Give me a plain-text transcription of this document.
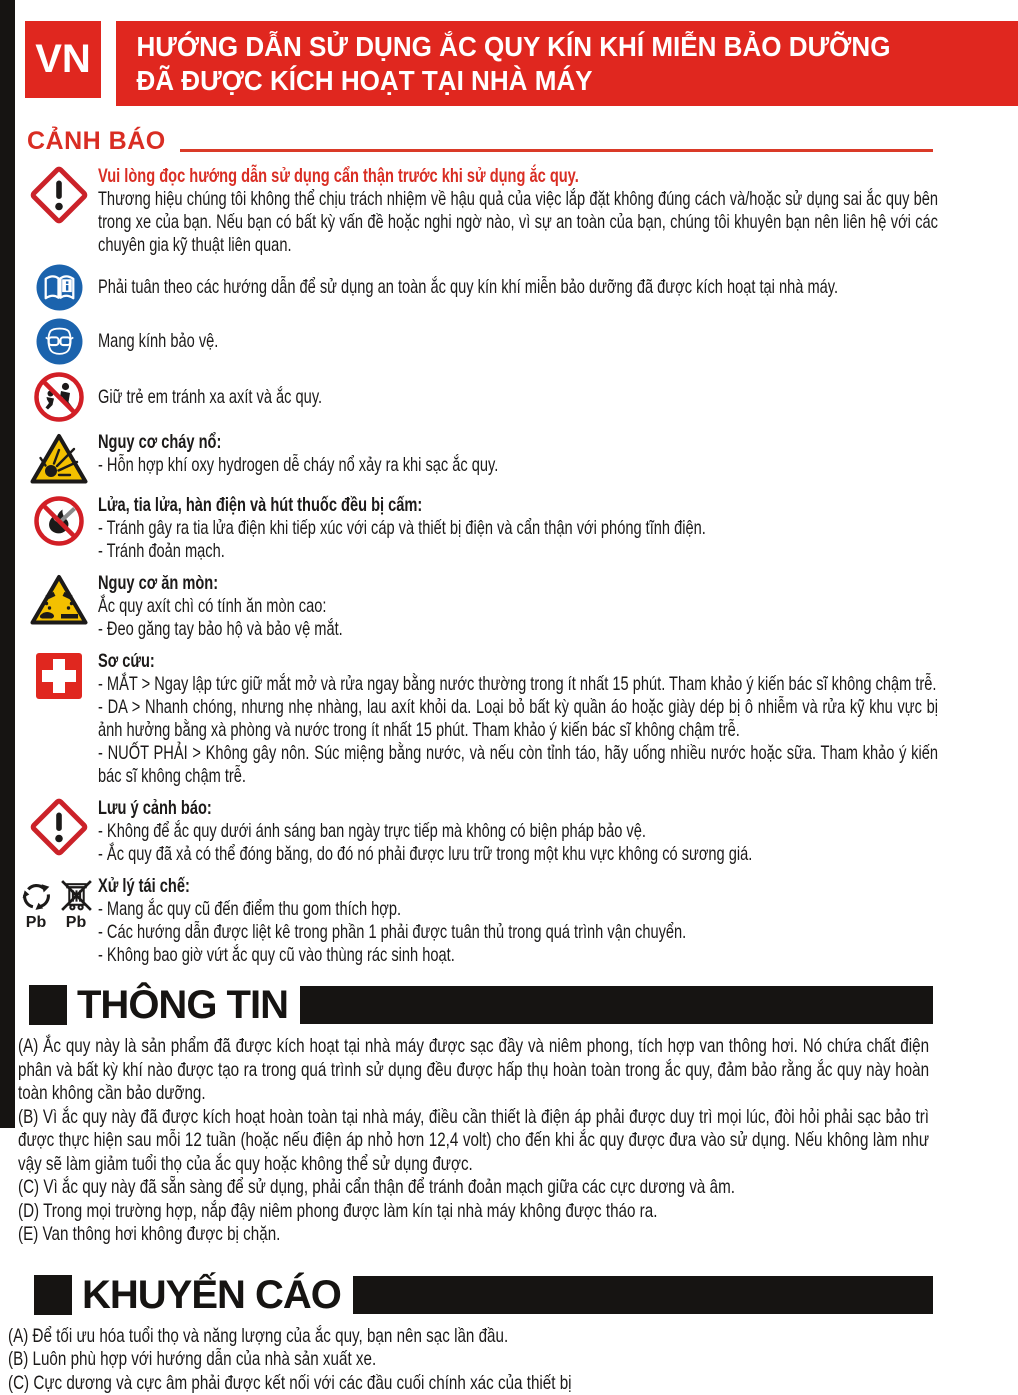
VN	HƯỚNG DẪN SỬ DỤNG ẮC QUY KÍN KHÍ MIỄN BẢO DƯỠNG
ĐÃ ĐƯỢC KÍCH HOẠT TẠI NHÀ MÁY
CẢNH BÁO

Vui lòng đọc hướng dẫn sử dụng cẩn thận trước khi sử dụng ắc quy.

Thương hiệu chúng tôi không thể chịu trách nhiệm về hậu quả của việc lắp đặt không đúng cách và/hoặc sử dụng sai ắc quy bên trong xe của bạn. Nếu bạn có bất kỳ vấn đề hoặc nghi ngờ nào, vì sự an toàn của bạn, chúng tôi khuyên bạn nên liên hệ với các chuyên gia kỹ thuật liên quan.

Phải tuân theo các hướng dẫn để sử dụng an toàn ắc quy kín khí miễn bảo dưỡng đã được kích hoạt tại nhà máy.

Mang kính bảo vệ.

Giữ trẻ em tránh xa axít và ắc quy.

Nguy cơ cháy nổ:

- Hỗn hợp khí oxy hydrogen dễ cháy nổ xảy ra khi sạc ắc quy.

Lửa, tia lửa, hàn điện và hút thuốc đều bị cấm:

- Tránh gây ra tia lửa điện khi tiếp xúc với cáp và thiết bị điện và cẩn thận với phóng tĩnh điện.

- Tránh đoản mạch.

Nguy cơ ăn mòn:

Ắc quy axít chì có tính ăn mòn cao:

- Đeo găng tay bảo hộ và bảo vệ mắt.

Sơ cứu:

- MẮT > Ngay lập tức giữ mắt mở và rửa ngay bằng nước thường trong ít nhất 15 phút. Tham khảo ý kiến bác sĩ không chậm trễ.

- DA > Nhanh chóng, nhưng nhẹ nhàng, lau axít khỏi da. Loại bỏ bất kỳ quần áo hoặc giày dép bị ô nhiễm và rửa kỹ khu vực bị ảnh hưởng bằng xà phòng và nước trong ít nhất 15 phút. Tham khảo ý kiến bác sĩ không chậm trễ.

- NUỐT PHẢI > Không gây nôn. Súc miệng bằng nước, và nếu còn tỉnh táo, hãy uống nhiều nước hoặc sữa. Tham khảo ý kiến bác sĩ không chậm trễ.

Lưu ý cảnh báo:

- Không để ắc quy dưới ánh sáng ban ngày trực tiếp mà không có biện pháp bảo vệ.

- Ắc quy đã xả có thể đóng băng, do đó nó phải được lưu trữ trong một khu vực không có sương giá.

Pb Pb

Xử lý tái chế:

- Mang ắc quy cũ đến điểm thu gom thích hợp.

- Các hướng dẫn được liệt kê trong phần 1 phải được tuân thủ trong quá trình vận chuyển.

- Không bao giờ vứt ắc quy cũ vào thùng rác sinh hoạt.

THÔNG TIN

(A) Ắc quy này là sản phẩm đã được kích hoạt tại nhà máy được sạc đầy và niêm phong, tích hợp van thông hơi. Nó chứa chất điện phân và bất kỳ khí nào được tạo ra trong quá trình sử dụng đều được hấp thụ hoàn toàn trong ắc quy, đảm bảo rằng ắc quy này hoàn toàn không cần bảo dưỡng.

(B) Vì ắc quy này đã được kích hoạt hoàn toàn tại nhà máy, điều cần thiết là điện áp phải được duy trì mọi lúc, đòi hỏi phải sạc bảo trì được thực hiện sau mỗi 12 tuần (hoặc nếu điện áp nhỏ hơn 12,4 volt) cho đến khi ắc quy được đưa vào sử dụng. Nếu không làm như vậy sẽ làm giảm tuổi thọ của ắc quy hoặc không thể sử dụng được.

(C) Vì ắc quy này đã sẵn sàng để sử dụng, phải cẩn thận để tránh đoản mạch giữa các cực dương và âm.

(D) Trong mọi trường hợp, nắp đậy niêm phong được làm kín tại nhà máy không được tháo ra.

(E) Van thông hơi không được bị chặn.

KHUYẾN CÁO

(A) Để tối ưu hóa tuổi thọ và năng lượng của ắc quy, bạn nên sạc lần đầu.

(B) Luôn phù hợp với hướng dẫn của nhà sản xuất xe.

(C) Cực dương và cực âm phải được kết nối với các đầu cuối chính xác của thiết bị
